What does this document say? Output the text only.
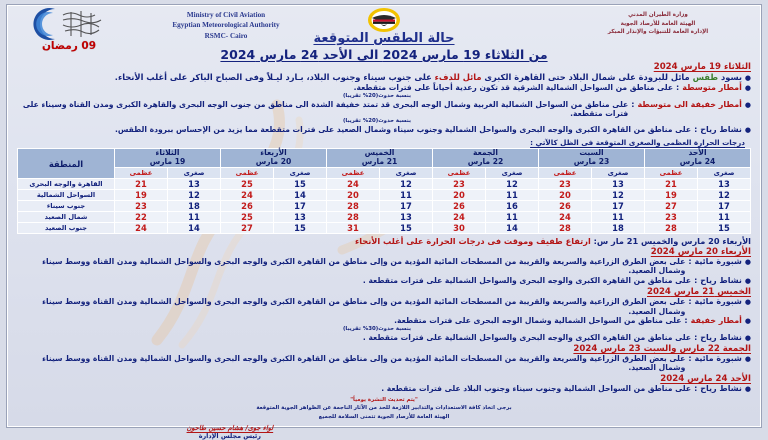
09 رمضان
Ministry of Civil Aviation
Egyptian Meteorological Authority
RSMC- Cairo
وزارة الطيران المدني
الهيئة العامة للأرصاد الجوية
الإدارة العامة للتنبؤات والإنذار المبكر
حالة الطقس المتوقعة
من الثلاثاء 19 مارس 2024 الى الأحد 24 مارس 2024
الثلاثاء 19 مارس 2024

● يسود طقس مائل للبرودة على شمال البلاد حتى القاهرة الكبرى مائل للدفء على جنوب سيناء وجنوب البلاد، بـارد ليـلاً وفى الصباح الباكر على أغلب الأنحاء.

●
أمطار متوسطة
:
على مناطق من السواحل الشمالية الشرقية قد تكون رعدية أحياناً على فترات متقطعة.
بنسبة حدوث(20% تقريبا)
●
أمطار خفيفة الى متوسطة
:
على مناطق من السواحل الشمالية الغربية وشمال الوجه البحرى قد تمتد خفيفة الشدة الى مناطق من جنوب الوجه البحرى والقاهرة الكبرى ومدن القناة وسيناء على فترات متقطعة.
بنسبة حدوث(20% تقريبا)
●
نشاط رياح
:
على مناطق من القاهرة الكبرى والوجه البحرى والسواحل الشمالية وجنوب سيناء وشمال الصعيد على فترات متقطعة مما يزيد من الإحساس ببرودة الطقس.
درجات الحرارة العظمى والصغرى المتوقعة فى الظل كالآتي :
الأحد
24 مارس

السبت
23 مارس

الجمعة
22 مارس

الخميس
21 مارس

الأربعاء
20 مارس

الثلاثاء
19 مارس
	المنطقة
صغرى	عظمى	صغرى	عظمى	صغرى	عظمى	صغرى	عظمى	صغرى	عظمى	صغرى	عظمى	
13	21	13	23	12	23	12	24	15	25	13	21	القاهرة والوجه البحرى
12	19	12	20	11	20	11	20	14	24	12	19	السواحل الشمالية
17	27	17	26	16	26	17	28	17	26	18	23	جنوب سيناء
11	23	11	24	11	24	13	28	13	25	11	22	شمال الصعيد
15	28	18	28	14	30	15	31	15	27	14	24	جنوب الصعيد

الأربعاء 20 مارس والخميس 21 مار س: ارتفاع طفيف وموقت فى درجات الحرارة على أغلب الأنحاء

الأربعاء 20 مارس 2024
●
شبورة مائية
:
على بعض الطرق الزراعية والسريعة والقريبة من المسطحات المائية المؤدية من وإلى مناطق من القاهرة الكبرى والوجه البحرى والسواحل الشمالية ومدن القناة ووسط سيناء وشمال الصعيد.
●
نشاط رياح
:
على مناطق من القاهرة الكبرى والوجه البحرى والسواحل الشمالية على فترات متقطعة .
الخميس 21 مارس 2024
●
شبورة مائية
:
على بعض الطرق الزراعية والسريعة والقريبة من المسطحات المائية المؤدية من وإلى مناطق من القاهرة الكبرى والوجه البحرى والسواحل الشمالية ومدن القناة ووسط سيناء وشمال الصعيد.
●
أمطار خفيفة
:
على مناطق من السواحل الشمالية وشمال الوجه البحرى على فترات متقطعة.
بنسبة حدوث(30% تقريبا)
●
نشاط رياح
:
على مناطق من القاهرة الكبرى والوجه البحرى والسواحل الشمالية على فترات متقطعة .
الجمعة 22 مارس والسبت 23 مارس 2024
●
شبورة مائية
:
على بعض الطرق الزراعية والسريعة والقريبة من المسطحات المائية المؤدية من وإلى مناطق من القاهرة الكبرى والوجه البحرى والسواحل الشمالية ومدن القناة ووسط سيناء وشمال الصعيد.
الأحد 24 مارس 2024
●
نشاط رياح
:
على مناطق من السواحل الشمالية وجنوب سيناء وجنوب البلاد على فترات متقطعة .
"يتم تحديث النشرة يومياً"
برجى اتخاذ كافة الاستعدادات والتدابير اللازمة للحد من الآثار الناجمة عن الظواهر الجوية المتوقعة
الهيئة العامة للأرصاد الجوية تتمنى السلامة للجميع
لواء جوى/ هشام حسين طاحون
رئيس مجلس الإدارة
